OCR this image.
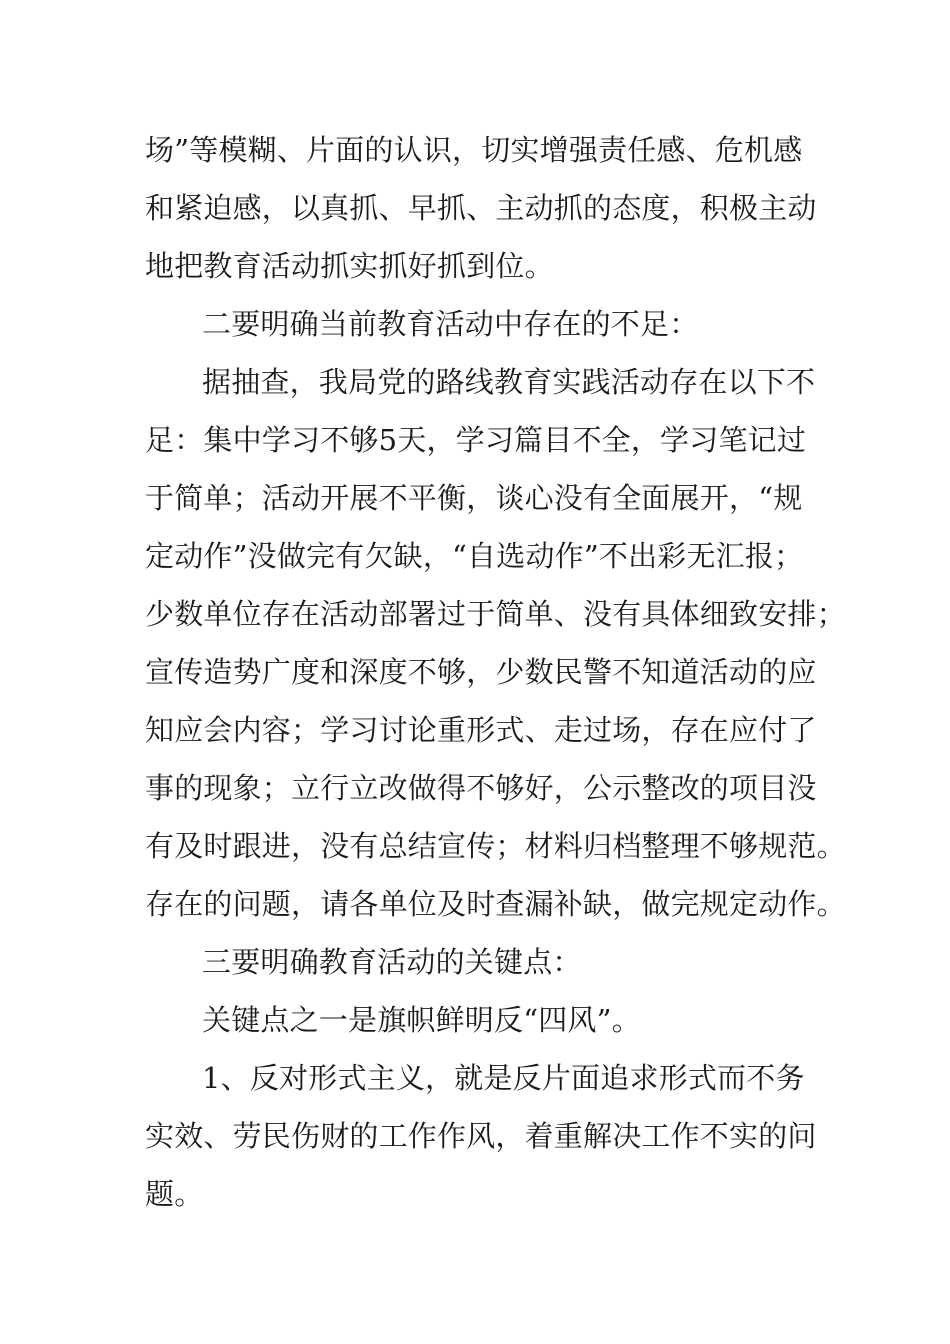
场”等模糊、片面的认识，切实增强责任感、危机感

和紧迫感，以真抓、早抓、主动抓的态度，积极主动

地把教育活动抓实抓好抓到位。

二要明确当前教育活动中存在的不足：

据抽查，我局党的路线教育实践活动存在以下不

足：集中学习不够5天，学习篇目不全，学习笔记过

于简单；活动开展不平衡，谈心没有全面展开，“规

定动作”没做完有欠缺，“自选动作”不出彩无汇报；

少数单位存在活动部署过于简单、没有具体细致安排；

宣传造势广度和深度不够，少数民警不知道活动的应

知应会内容；学习讨论重形式、走过场，存在应付了

事的现象；立行立改做得不够好，公示整改的项目没

有及时跟进，没有总结宣传；材料归档整理不够规范。

存在的问题，请各单位及时查漏补缺，做完规定动作。

三要明确教育活动的关键点：

关键点之一是旗帜鲜明反“四风”。

1、反对形式主义，就是反片面追求形式而不务

实效、劳民伤财的工作作风，着重解决工作不实的问

题。
